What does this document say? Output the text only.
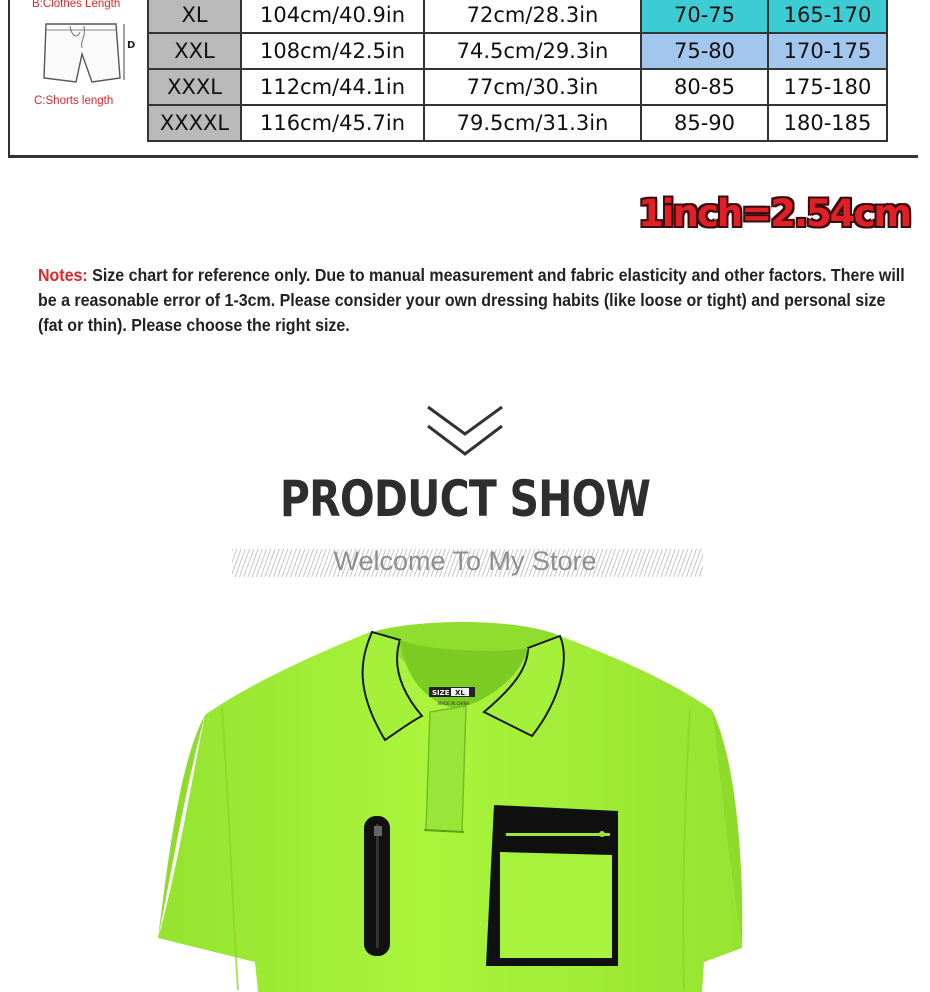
B:Clothes Length
D
C:Shorts length
XL	104cm/40.9in	72cm/28.3in	70-75	165-170
XXL	108cm/42.5in	74.5cm/29.3in	75-80	170-175
XXXL	112cm/44.1in	77cm/30.3in	80-85	175-180
XXXXL	116cm/45.7in	79.5cm/31.3in	85-90	180-185
1inch=2.54cm
Notes: Size chart for reference only. Due to manual measurement and fabric elasticity and other factors. There will be a reasonable error of 1-3cm. Please consider your own dressing habits (like loose or tight) and personal size (fat or thin). Please choose the right size.
PRODUCT SHOW
Welcome To My Store
SIZE XL
MADE IN CHINA
